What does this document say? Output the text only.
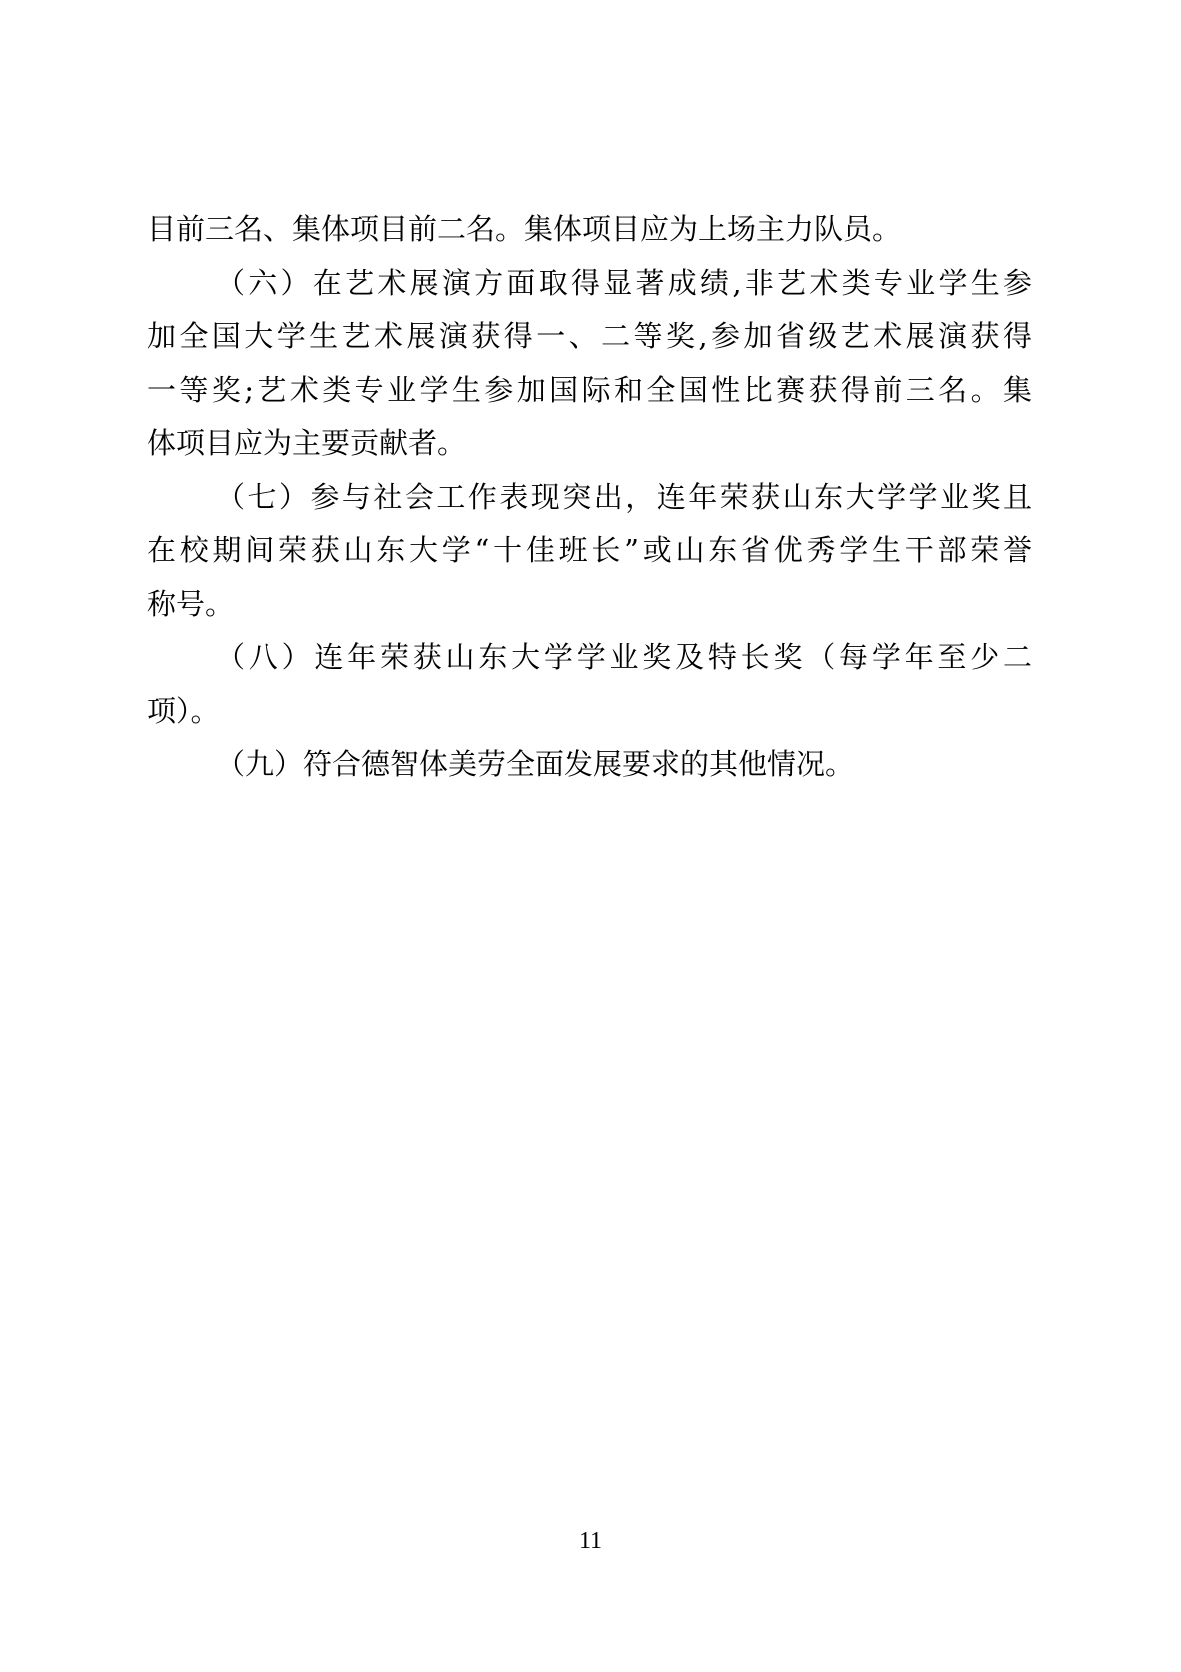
目前三名、集体项目前二名。集体项目应为上场主力队员。
（六）在艺术展演方面取得显著成绩,非艺术类专业学生参
加全国大学生艺术展演获得一、二等奖,参加省级艺术展演获得
一等奖;艺术类专业学生参加国际和全国性比赛获得前三名。集
体项目应为主要贡献者。
（七）参与社会工作表现突出，连年荣获山东大学学业奖且
在校期间荣获山东大学“十佳班长”或山东省优秀学生干部荣誉
称号。
（八）连年荣获山东大学学业奖及特长奖（每学年至少二
项）。
（九）符合德智体美劳全面发展要求的其他情况。
11
